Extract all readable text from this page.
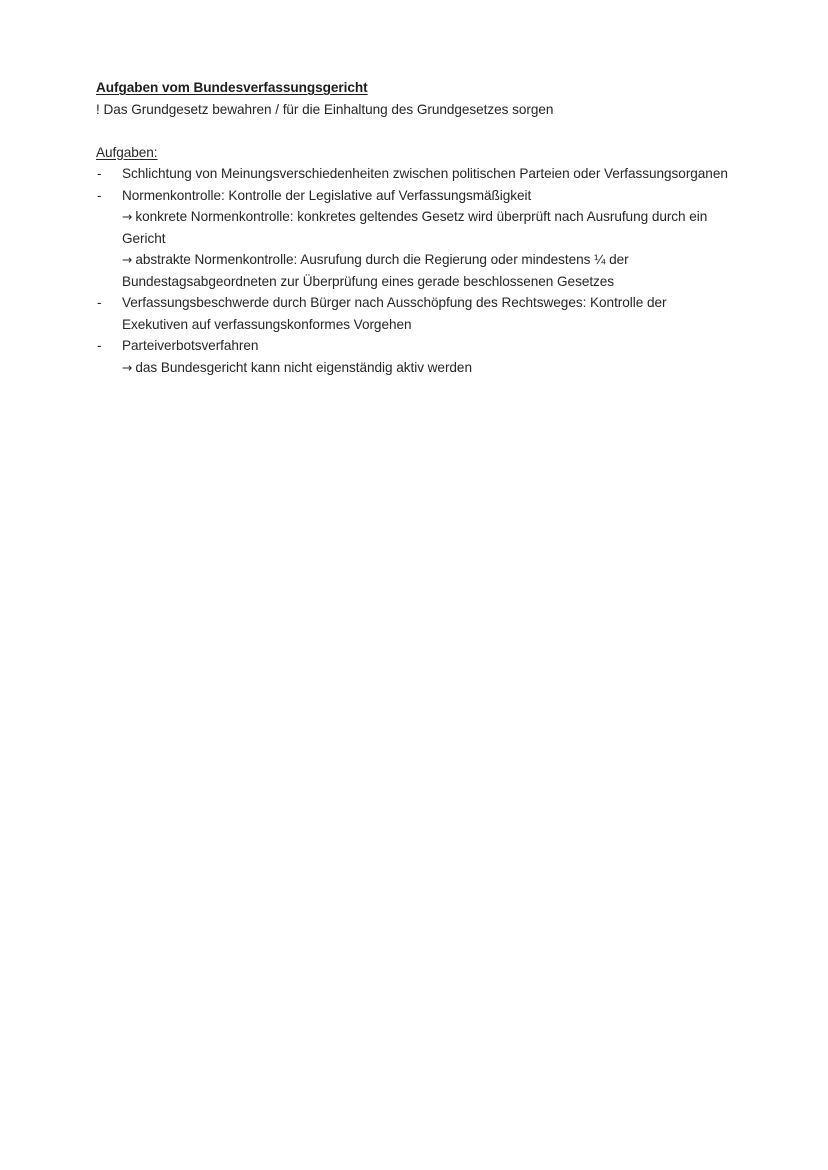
Aufgaben vom Bundesverfassungsgericht
! Das Grundgesetz bewahren / für die Einhaltung des Grundgesetzes sorgen
Aufgaben:
- Schlichtung von Meinungsverschiedenheiten zwischen politischen Parteien oder Verfassungsorganen
- Normenkontrolle: Kontrolle der Legislative auf Verfassungsmäßigkeit
→ konkrete Normenkontrolle: konkretes geltendes Gesetz wird überprüft nach Ausrufung durch ein Gericht
→ abstrakte Normenkontrolle: Ausrufung durch die Regierung oder mindestens ¼ der Bundestagsabgeordneten zur Überprüfung eines gerade beschlossenen Gesetzes
- Verfassungsbeschwerde durch Bürger nach Ausschöpfung des Rechtsweges: Kontrolle der Exekutiven auf verfassungskonformes Vorgehen
- Parteiverbotsverfahren
→ das Bundesgericht kann nicht eigenständig aktiv werden
